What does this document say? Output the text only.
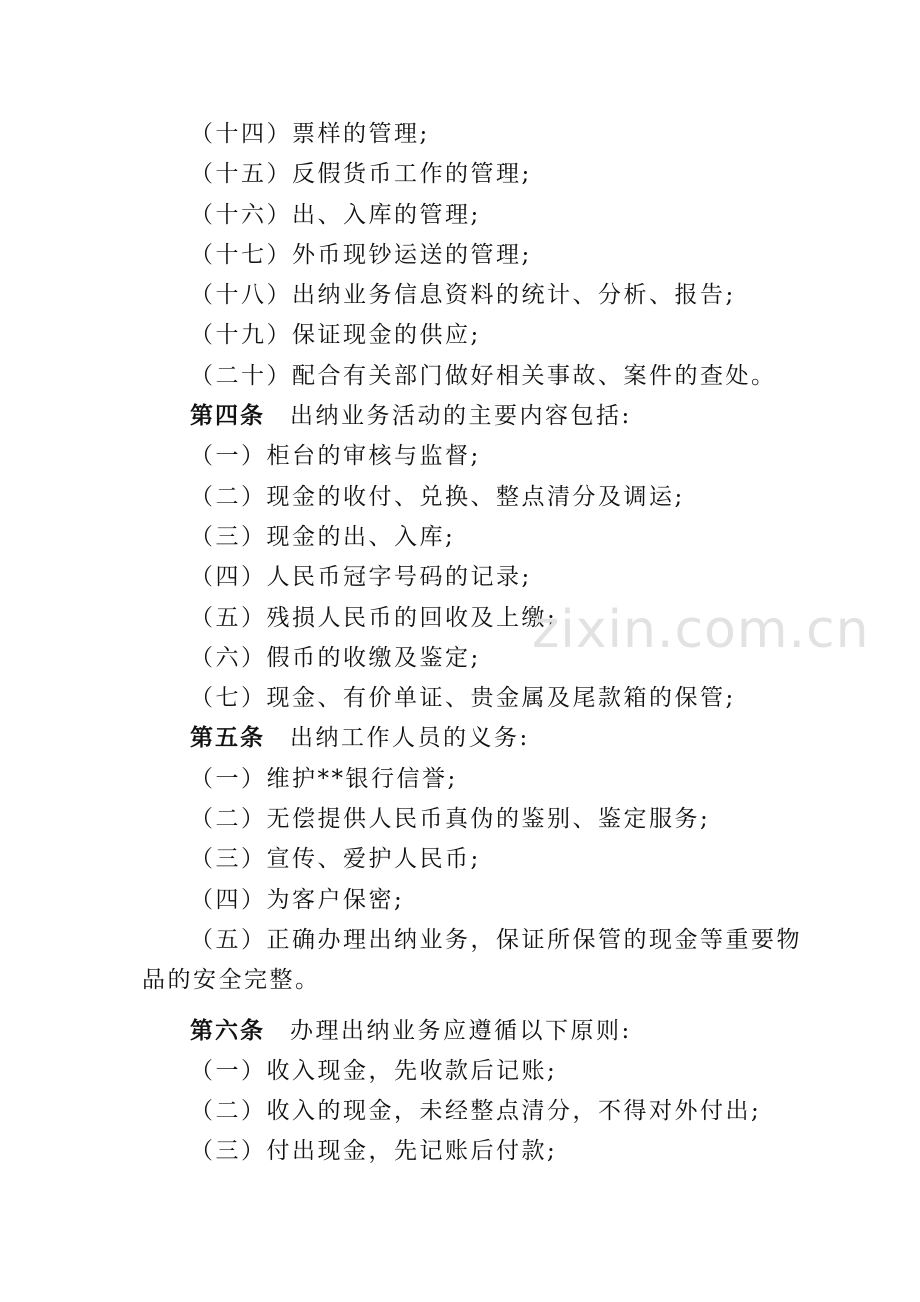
（十四）票样的管理;
（十五）反假货币工作的管理;
（十六）出、入库的管理;
（十七）外币现钞运送的管理;
（十八）出纳业务信息资料的统计、分析、报告;
（十九）保证现金的供应;
（二十）配合有关部门做好相关事故、案件的查处。
第四条 出纳业务活动的主要内容包括:
（一）柜台的审核与监督;
（二）现金的收付、兑换、整点清分及调运;
（三）现金的出、入库;
（四）人民币冠字号码的记录;
（五）残损人民币的回收及上缴;
（六）假币的收缴及鉴定;
（七）现金、有价单证、贵金属及尾款箱的保管;
第五条 出纳工作人员的义务:
（一）维护**银行信誉;
（二）无偿提供人民币真伪的鉴别、鉴定服务;
（三）宣传、爱护人民币;
（四）为客户保密;
（五）正确办理出纳业务，保证所保管的现金等重要物
品的安全完整。
第六条 办理出纳业务应遵循以下原则:
（一）收入现金，先收款后记账;
（二）收入的现金，未经整点清分，不得对外付出;
（三）付出现金，先记账后付款;
zixin.com.cn
